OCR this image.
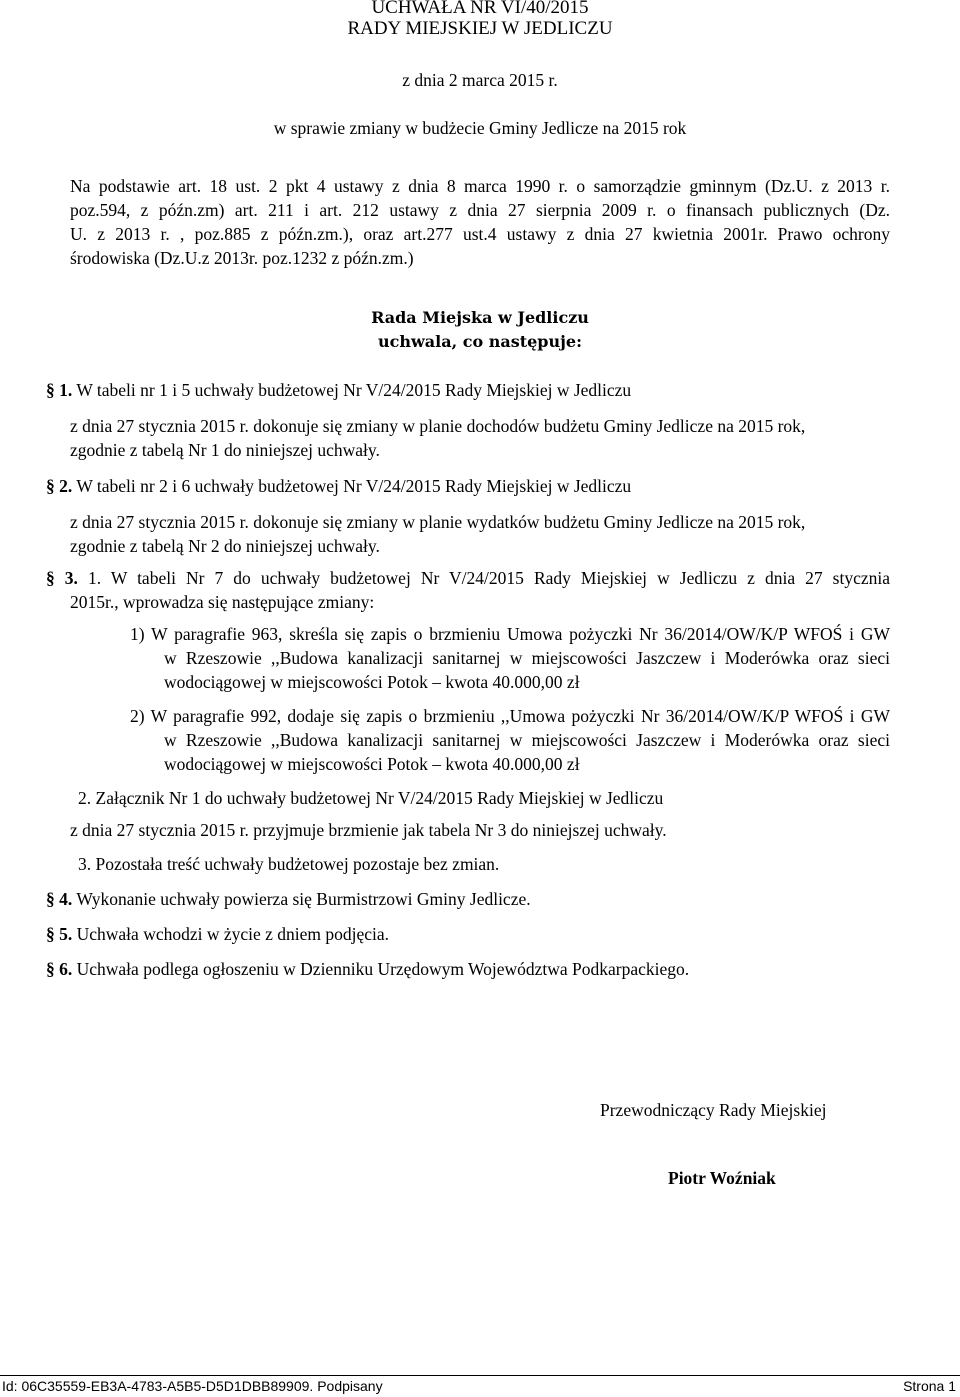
UCHWAŁA NR VI/40/2015
RADY MIEJSKIEJ W JEDLICZU
z dnia 2 marca 2015 r.
w sprawie zmiany w budżecie Gminy Jedlicze na 2015 rok
Na podstawie art. 18 ust. 2 pkt 4 ustawy z dnia 8 marca 1990 r. o samorządzie gminnym (Dz.U. z 2013 r.
poz.594, z późn.zm) art. 211 i art. 212 ustawy z dnia 27 sierpnia 2009 r. o finansach publicznych (Dz.
U. z 2013 r. , poz.885 z późn.zm.), oraz art.277 ust.4 ustawy z dnia 27 kwietnia 2001r. Prawo ochrony
środowiska (Dz.U.z 2013r. poz.1232 z późn.zm.)
Rada Miejska w Jedliczu
uchwala, co następuje:
§ 1. W tabeli nr 1 i 5 uchwały budżetowej Nr V/24/2015 Rady Miejskiej w Jedliczu
z dnia 27 stycznia 2015 r. dokonuje się zmiany w planie dochodów budżetu Gminy Jedlicze na 2015 rok,
zgodnie z tabelą Nr 1 do niniejszej uchwały.
§ 2. W tabeli nr 2 i 6 uchwały budżetowej Nr V/24/2015 Rady Miejskiej w Jedliczu
z dnia 27 stycznia 2015 r. dokonuje się zmiany w planie wydatków budżetu Gminy Jedlicze na 2015 rok,
zgodnie z tabelą Nr 2 do niniejszej uchwały.
§ 3. 1. W tabeli Nr 7 do uchwały budżetowej Nr V/24/2015 Rady Miejskiej w Jedliczu z dnia 27 stycznia
2015r., wprowadza się następujące zmiany:
1) W paragrafie 963, skreśla się zapis o brzmieniu Umowa pożyczki Nr 36/2014/OW/K/P WFOŚ i GW
w Rzeszowie ,,Budowa kanalizacji sanitarnej w miejscowości Jaszczew i Moderówka oraz sieci
wodociągowej w miejscowości Potok – kwota 40.000,00 zł
2) W paragrafie 992, dodaje się zapis o brzmieniu ,,Umowa pożyczki Nr 36/2014/OW/K/P WFOŚ i GW
w Rzeszowie ,,Budowa kanalizacji sanitarnej w miejscowości Jaszczew i Moderówka oraz sieci
wodociągowej w miejscowości Potok – kwota 40.000,00 zł
2. Załącznik Nr 1 do uchwały budżetowej Nr V/24/2015 Rady Miejskiej w Jedliczu
z dnia 27 stycznia 2015 r. przyjmuje brzmienie jak tabela Nr 3 do niniejszej uchwały.
3. Pozostała treść uchwały budżetowej pozostaje bez zmian.
§ 4. Wykonanie uchwały powierza się Burmistrzowi Gminy Jedlicze.
§ 5. Uchwała wchodzi w życie z dniem podjęcia.
§ 6. Uchwała podlega ogłoszeniu w Dzienniku Urzędowym Województwa Podkarpackiego.
Przewodniczący Rady Miejskiej
Piotr Woźniak
Id: 06C35559-EB3A-4783-A5B5-D5D1DBB89909. Podpisany	Strona 1
